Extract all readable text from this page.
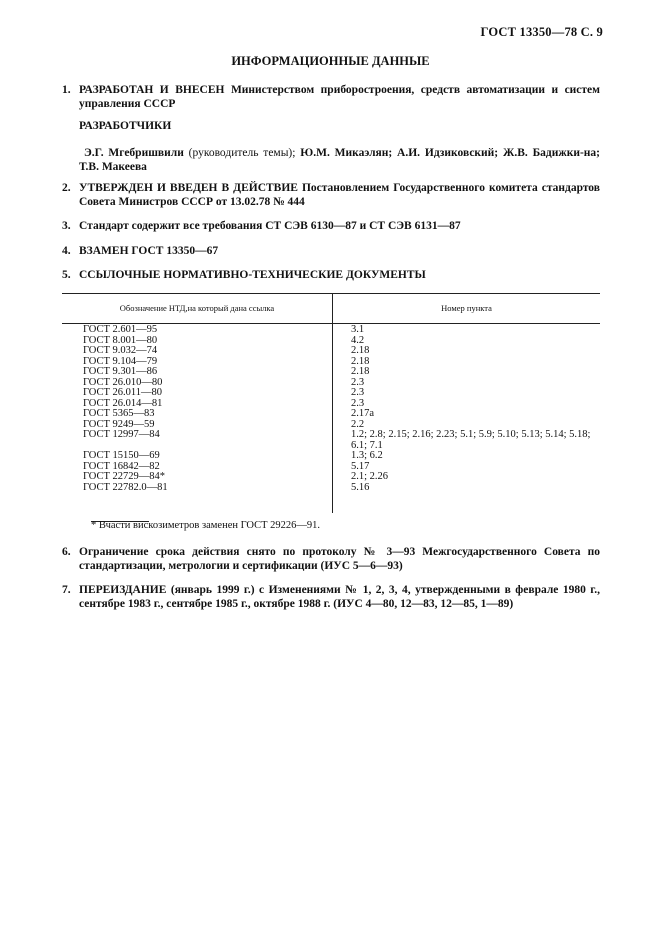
ГОСТ 13350—78 С. 9
ИНФОРМАЦИОННЫЕ ДАННЫЕ
1. РАЗРАБОТАН И ВНЕСЕН Министерством приборостроения, средств автоматизации и систем управления СССР
РАЗРАБОТЧИКИ
Э.Г. Мгебришвили (руководитель темы); Ю.М. Микаэлян; А.И. Идзиковский; Ж.В. Бадижки-на; Т.В. Макеева
2. УТВЕРЖДЕН И ВВЕДЕН В ДЕЙСТВИЕ Постановлением Государственного комитета стандартов Совета Министров СССР от 13.02.78 № 444
3. Стандарт содержит все требования СТ СЭВ 6130—87 и СТ СЭВ 6131—87
4. ВЗАМЕН ГОСТ 13350—67
5. ССЫЛОЧНЫЕ НОРМАТИВНО-ТЕХНИЧЕСКИЕ ДОКУМЕНТЫ
Обозначение НТД,на который дана ссылка	Номер пункта
ГОСТ 2.601—95	3.1
ГОСТ 8.001—80	4.2
ГОСТ 9.032—74	2.18
ГОСТ 9.104—79	2.18
ГОСТ 9.301—86	2.18
ГОСТ 26.010—80	2.3
ГОСТ 26.011—80	2.3
ГОСТ 26.014—81	2.3
ГОСТ 5365—83	2.17а
ГОСТ 9249—59	2.2
ГОСТ 12997—84	1.2; 2.8; 2.15; 2.16; 2.23; 5.1; 5.9; 5.10; 5.13; 5.14; 5.18; 6.1; 7.1
ГОСТ 15150—69	1.3; 6.2
ГОСТ 16842—82	5.17
ГОСТ 22729—84*	2.1; 2.26
ГОСТ 22782.0—81	5.16
* Вчасти вискозиметров заменен ГОСТ 29226—91.
6. Ограничение срока действия снято по протоколу № 3—93 Межгосударственного Совета по стандартизации, метрологии и сертификации (ИУС 5—6—93)
7. ПЕРЕИЗДАНИЕ (январь 1999 г.) с Изменениями № 1, 2, 3, 4, утвержденными в феврале 1980 г., сентябре 1983 г., сентябре 1985 г., октябре 1988 г. (ИУС 4—80, 12—83, 12—85, 1—89)
